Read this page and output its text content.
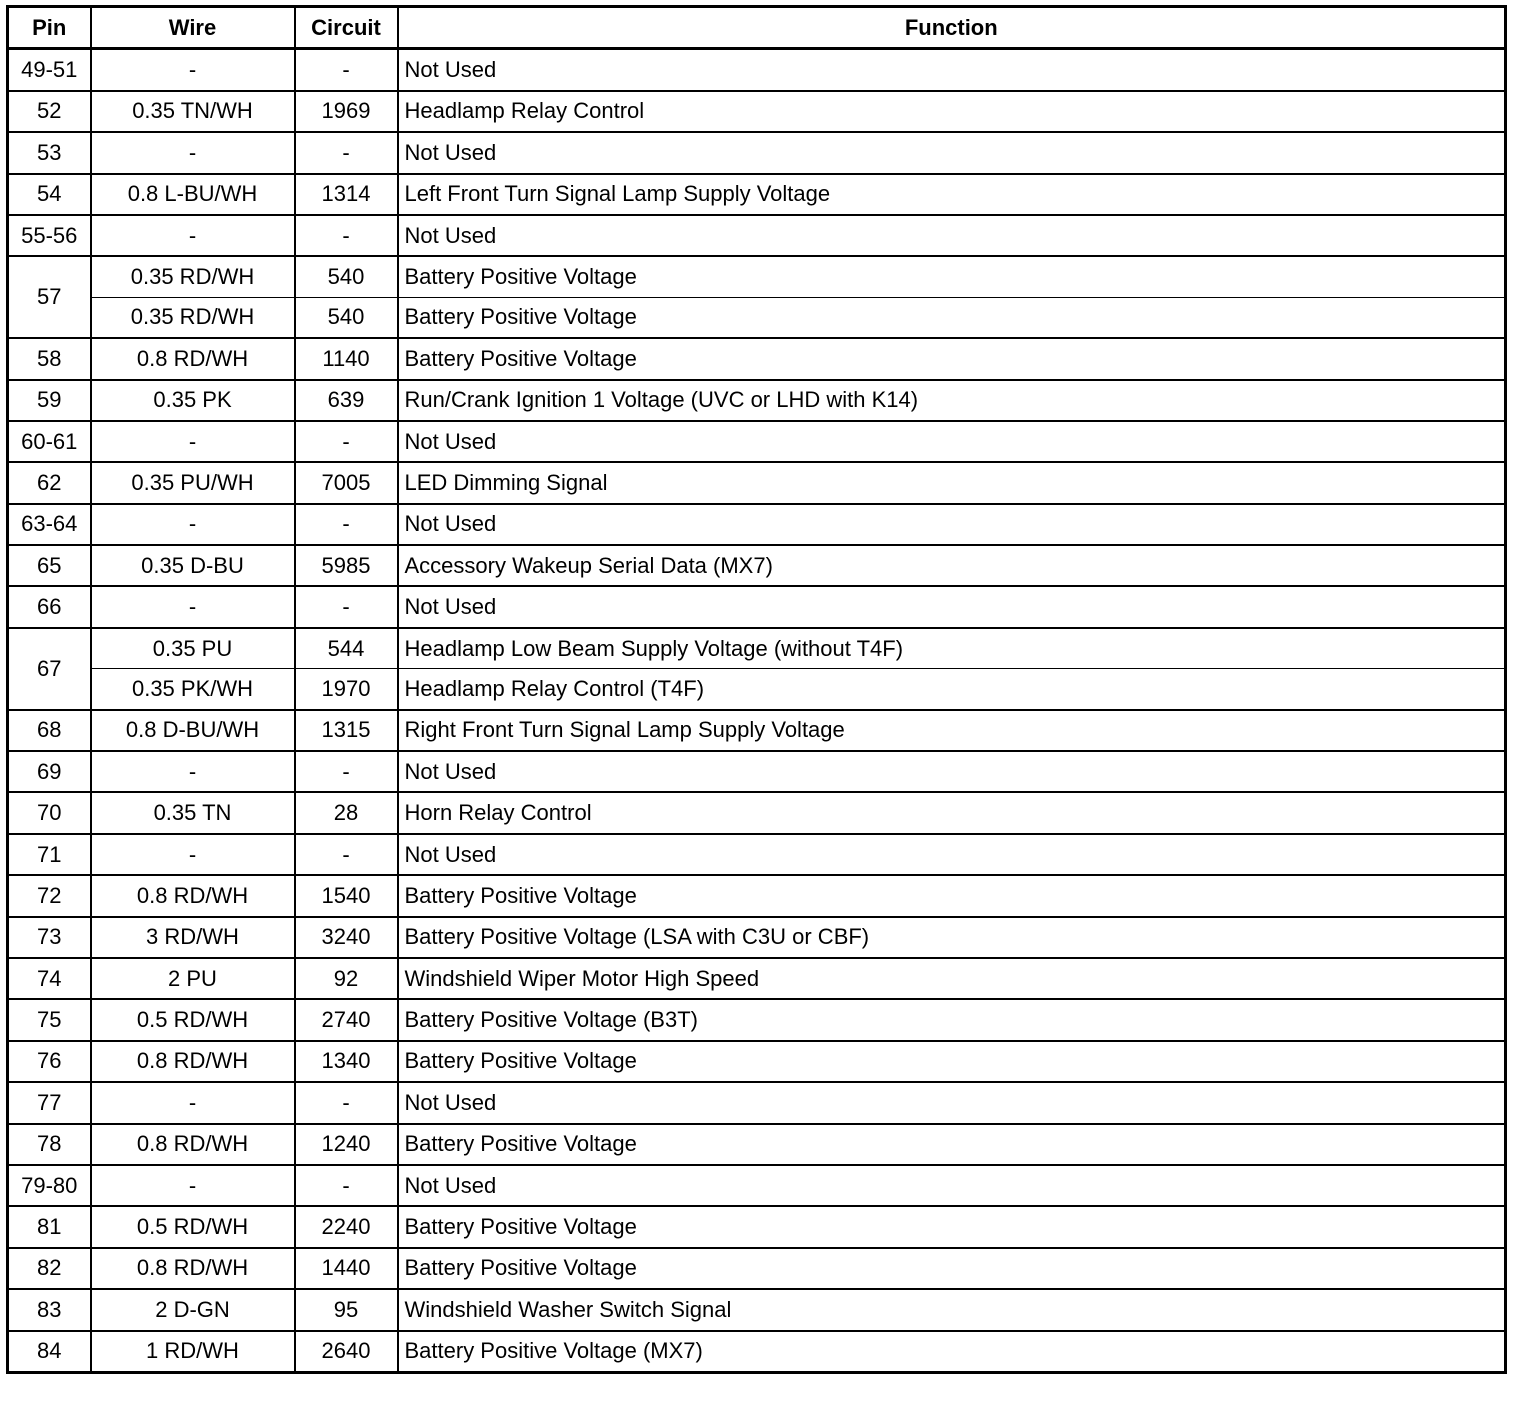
Pin	Wire	Circuit	Function
49-51	-	-	Not Used
52	0.35 TN/WH	1969	Headlamp Relay Control
53	-	-	Not Used
54	0.8 L-BU/WH	1314	Left Front Turn Signal Lamp Supply Voltage
55-56	-	-	Not Used
57	0.35 RD/WH	540	Battery Positive Voltage
	0.35 RD/WH	540	Battery Positive Voltage
58	0.8 RD/WH	1140	Battery Positive Voltage
59	0.35 PK	639	Run/Crank Ignition 1 Voltage (UVC or LHD with K14)
60-61	-	-	Not Used
62	0.35 PU/WH	7005	LED Dimming Signal
63-64	-	-	Not Used
65	0.35 D-BU	5985	Accessory Wakeup Serial Data (MX7)
66	-	-	Not Used
67	0.35 PU	544	Headlamp Low Beam Supply Voltage (without T4F)
	0.35 PK/WH	1970	Headlamp Relay Control (T4F)
68	0.8 D-BU/WH	1315	Right Front Turn Signal Lamp Supply Voltage
69	-	-	Not Used
70	0.35 TN	28	Horn Relay Control
71	-	-	Not Used
72	0.8 RD/WH	1540	Battery Positive Voltage
73	3 RD/WH	3240	Battery Positive Voltage (LSA with C3U or CBF)
74	2 PU	92	Windshield Wiper Motor High Speed
75	0.5 RD/WH	2740	Battery Positive Voltage (B3T)
76	0.8 RD/WH	1340	Battery Positive Voltage
77	-	-	Not Used
78	0.8 RD/WH	1240	Battery Positive Voltage
79-80	-	-	Not Used
81	0.5 RD/WH	2240	Battery Positive Voltage
82	0.8 RD/WH	1440	Battery Positive Voltage
83	2 D-GN	95	Windshield Washer Switch Signal
84	1 RD/WH	2640	Battery Positive Voltage (MX7)
